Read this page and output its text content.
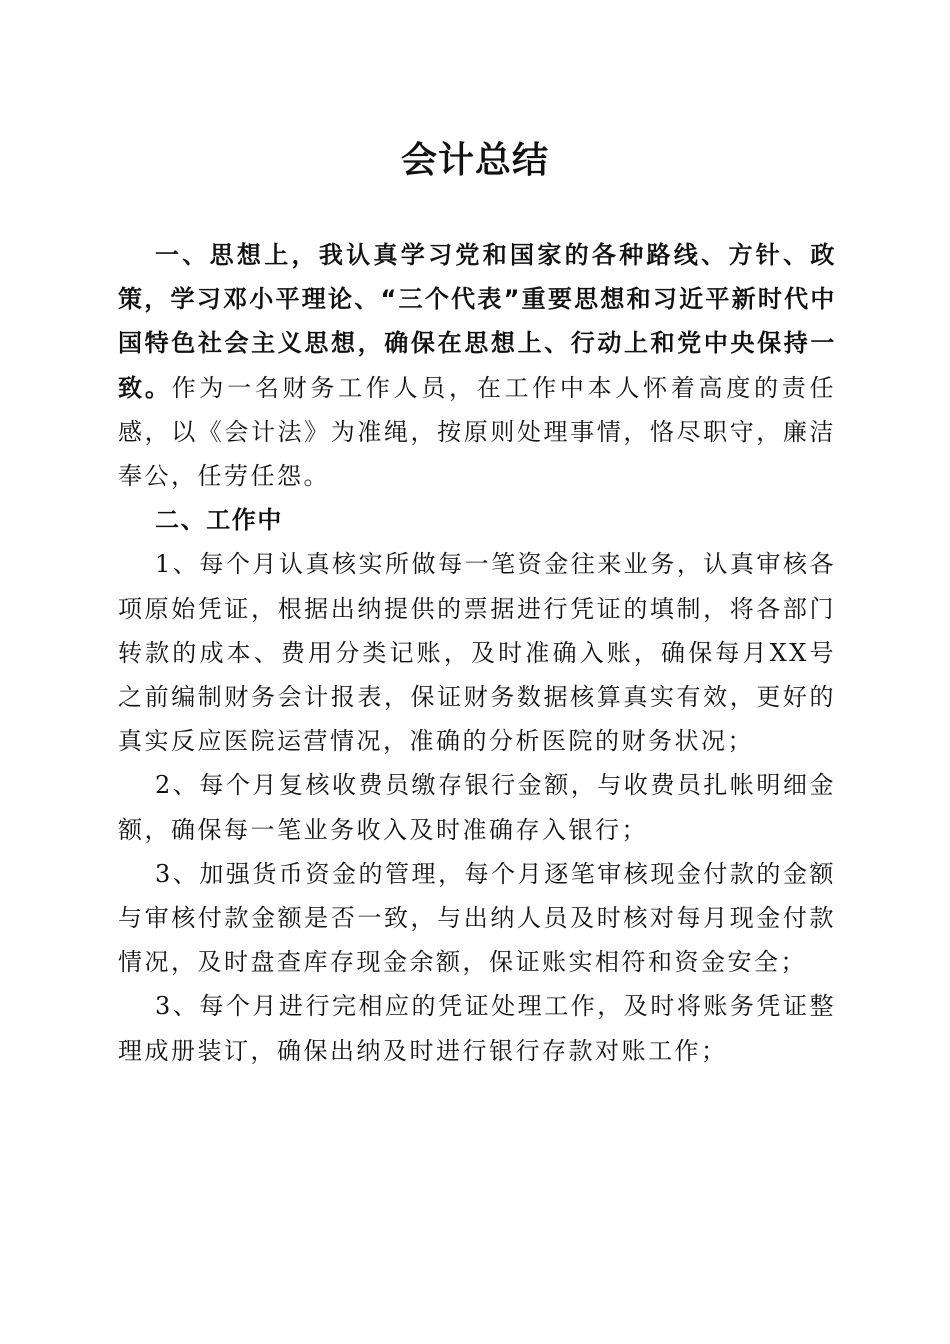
会计总结
一、思想上，我认真学习党和国家的各种路线、方针、政策，学习邓小平理论、“三个代表”重要思想和习近平新时代中国特色社会主义思想，确保在思想上、行动上和党中央保持一致。作为一名财务工作人员，在工作中本人怀着高度的责任感，以《会计法》为准绳，按原则处理事情，恪尽职守，廉洁奉公，任劳任怨。
二、工作中
1、每个月认真核实所做每一笔资金往来业务，认真审核各项原始凭证，根据出纳提供的票据进行凭证的填制，将各部门转款的成本、费用分类记账，及时准确入账，确保每月XX号之前编制财务会计报表，保证财务数据核算真实有效，更好的真实反应医院运营情况，准确的分析医院的财务状况；
2、每个月复核收费员缴存银行金额，与收费员扎帐明细金额，确保每一笔业务收入及时准确存入银行；
3、加强货币资金的管理，每个月逐笔审核现金付款的金额与审核付款金额是否一致，与出纳人员及时核对每月现金付款情况，及时盘查库存现金余额，保证账实相符和资金安全；
3、每个月进行完相应的凭证处理工作，及时将账务凭证整理成册装订，确保出纳及时进行银行存款对账工作；
